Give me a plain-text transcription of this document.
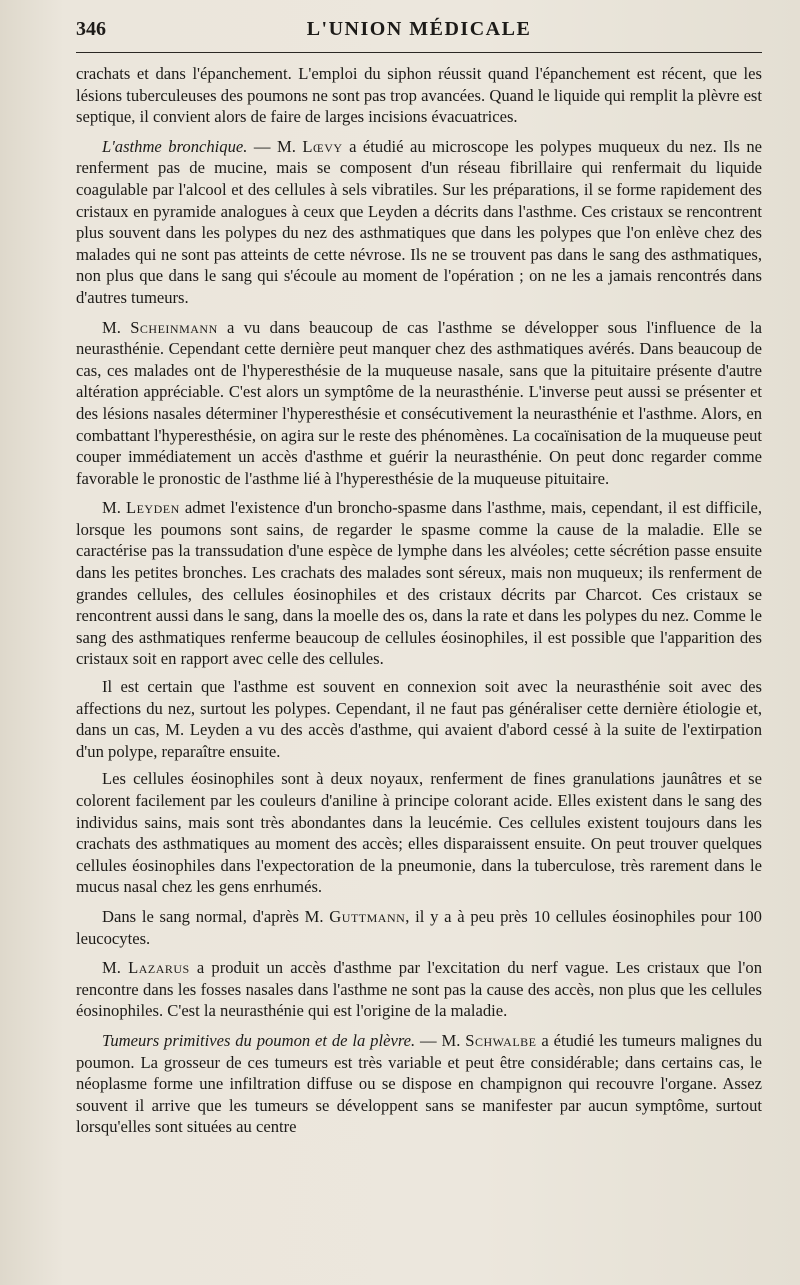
346	L'UNION MÉDICALE

crachats et dans l'épanchement. L'emploi du siphon réussit quand l'épanchement est récent, que les lésions tuberculeuses des poumons ne sont pas trop avancées. Quand le liquide qui remplit la plèvre est septique, il convient alors de faire de larges incisions évacuatrices.

L'asthme bronchique. — M. Lœvy a étudié au microscope les polypes muqueux du nez. Ils ne renferment pas de mucine, mais se composent d'un réseau fibrillaire qui renfermait du liquide coagulable par l'alcool et des cellules à sels vibratiles. Sur les préparations, il se forme rapidement des cristaux en pyramide analogues à ceux que Leyden a décrits dans l'asthme. Ces cristaux se rencontrent plus souvent dans les polypes du nez des asthmatiques que dans les polypes que l'on enlève chez des malades qui ne sont pas atteints de cette névrose. Ils ne se trouvent pas dans le sang des asthmatiques, non plus que dans le sang qui s'écoule au moment de l'opération ; on ne les a jamais rencontrés dans d'autres tumeurs.

M. Scheinmann a vu dans beaucoup de cas l'asthme se développer sous l'influence de la neurasthénie. Cependant cette dernière peut manquer chez des asthmatiques avérés. Dans beaucoup de cas, ces malades ont de l'hyperesthésie de la muqueuse nasale, sans que la pituitaire présente d'autre altération appréciable. C'est alors un symptôme de la neurasthénie. L'inverse peut aussi se présenter et des lésions nasales déterminer l'hyperesthésie et consécutivement la neurasthénie et l'asthme. Alors, en combattant l'hyperesthésie, on agira sur le reste des phénomènes. La cocaïnisation de la muqueuse peut couper immédiatement un accès d'asthme et guérir la neurasthénie. On peut donc regarder comme favorable le pronostic de l'asthme lié à l'hyperesthésie de la muqueuse pituitaire.

M. Leyden admet l'existence d'un broncho-spasme dans l'asthme, mais, cependant, il est difficile, lorsque les poumons sont sains, de regarder le spasme comme la cause de la maladie. Elle se caractérise pas la transsudation d'une espèce de lymphe dans les alvéoles; cette sécrétion passe ensuite dans les petites bronches. Les crachats des malades sont séreux, mais non muqueux; ils renferment de grandes cellules, des cellules éosinophiles et des cristaux décrits par Charcot. Ces cristaux se rencontrent aussi dans le sang, dans la moelle des os, dans la rate et dans les polypes du nez. Comme le sang des asthmatiques renferme beaucoup de cellules éosinophiles, il est possible que l'apparition des cristaux soit en rapport avec celle des cellules.

Il est certain que l'asthme est souvent en connexion soit avec la neurasthénie soit avec des affections du nez, surtout les polypes. Cependant, il ne faut pas généraliser cette dernière étiologie et, dans un cas, M. Leyden a vu des accès d'asthme, qui avaient d'abord cessé à la suite de l'extirpation d'un polype, reparaître ensuite.

Les cellules éosinophiles sont à deux noyaux, renferment de fines granulations jaunâtres et se colorent facilement par les couleurs d'aniline à principe colorant acide. Elles existent dans le sang des individus sains, mais sont très abondantes dans la leucémie. Ces cellules existent toujours dans les crachats des asthmatiques au moment des accès; elles disparaissent ensuite. On peut trouver quelques cellules éosinophiles dans l'expectoration de la pneumonie, dans la tuberculose, très rarement dans le mucus nasal chez les gens enrhumés.

Dans le sang normal, d'après M. Guttmann, il y a à peu près 10 cellules éosinophiles pour 100 leucocytes.

M. Lazarus a produit un accès d'asthme par l'excitation du nerf vague. Les cristaux que l'on rencontre dans les fosses nasales dans l'asthme ne sont pas la cause des accès, non plus que les cellules éosinophiles. C'est la neurasthénie qui est l'origine de la maladie.

Tumeurs primitives du poumon et de la plèvre. — M. Schwalbe a étudié les tumeurs malignes du poumon. La grosseur de ces tumeurs est très variable et peut être considérable; dans certains cas, le néoplasme forme une infiltration diffuse ou se dispose en champignon qui recouvre l'organe. Assez souvent il arrive que les tumeurs se développent sans se manifester par aucun symptôme, surtout lorsqu'elles sont situées au centre
